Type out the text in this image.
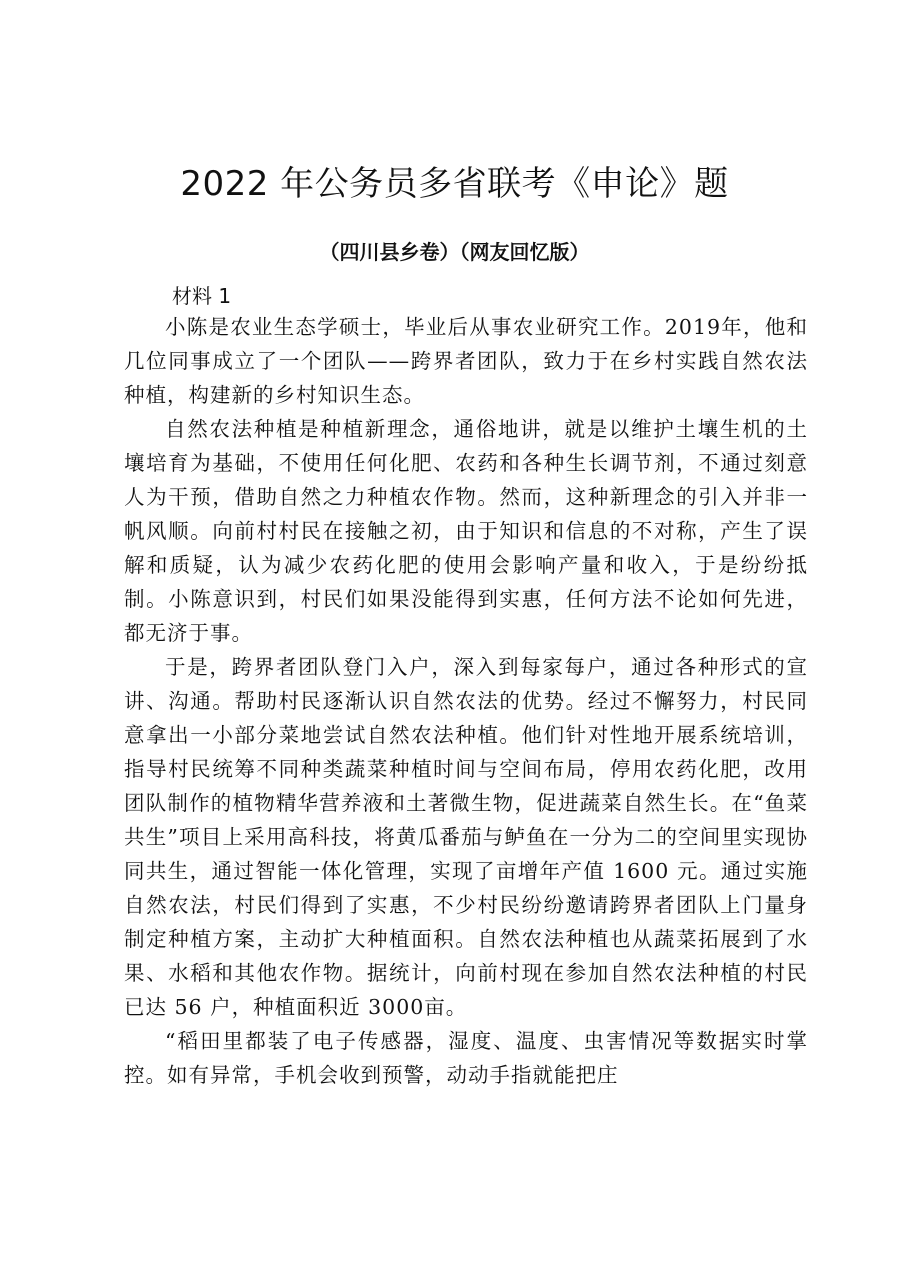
2022 年公务员多省联考《申论》题
（四川县乡卷）（网友回忆版）
材料 1

小陈是农业生态学硕士，毕业后从事农业研究工作。2019年，他和几位同事成立了一个团队——跨界者团队，致力于在乡村实践自然农法种植，构建新的乡村知识生态。

自然农法种植是种植新理念，通俗地讲，就是以维护土壤生机的土壤培育为基础，不使用任何化肥、农药和各种生长调节剂，不通过刻意人为干预，借助自然之力种植农作物。然而，这种新理念的引入并非一帆风顺。向前村村民在接触之初，由于知识和信息的不对称，产生了误解和质疑，认为减少农药化肥的使用会影响产量和收入，于是纷纷抵制。小陈意识到，村民们如果没能得到实惠，任何方法不论如何先进，都无济于事。

于是，跨界者团队登门入户，深入到每家每户，通过各种形式的宣讲、沟通。帮助村民逐渐认识自然农法的优势。经过不懈努力，村民同意拿出一小部分菜地尝试自然农法种植。他们针对性地开展系统培训，指导村民统筹不同种类蔬菜种植时间与空间布局，停用农药化肥，改用团队制作的植物精华营养液和土著微生物，促进蔬菜自然生长。在“鱼菜共生”项目上采用高科技，将黄瓜番茄与鲈鱼在一分为二的空间里实现协同共生，通过智能一体化管理，实现了亩增年产值 1600 元。通过实施自然农法，村民们得到了实惠，不少村民纷纷邀请跨界者团队上门量身制定种植方案，主动扩大种植面积。自然农法种植也从蔬菜拓展到了水果、水稻和其他农作物。据统计，向前村现在参加自然农法种植的村民已达 56 户，种植面积近 3000亩。

“稻田里都装了电子传感器，湿度、温度、虫害情况等数据实时掌控。如有异常，手机会收到预警，动动手指就能把庄
